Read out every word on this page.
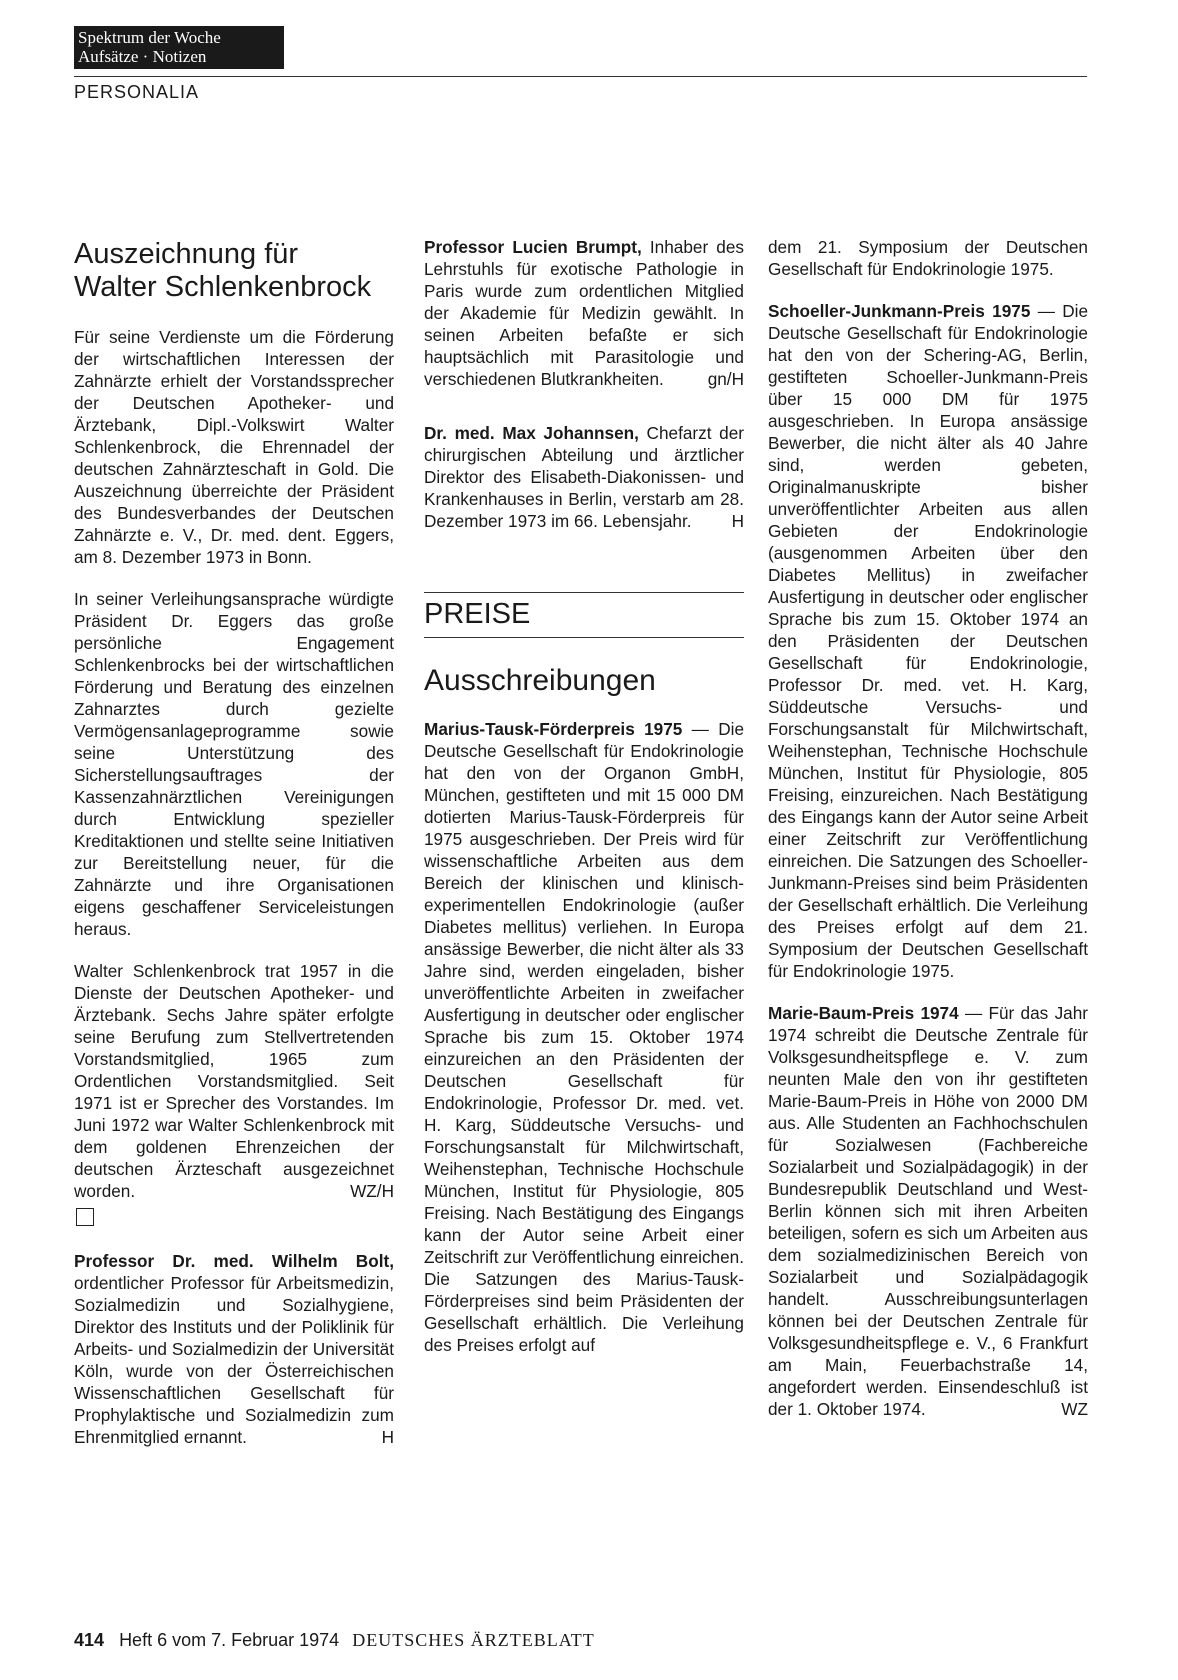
Spektrum der Woche
Aufsätze · Notizen
PERSONALIA
Auszeichnung für
Walter Schlenkenbrock

Für seine Verdienste um die Förderung der wirtschaftlichen Interessen der Zahnärzte erhielt der Vorstandssprecher der Deutschen Apotheker- und Ärztebank, Dipl.-Volkswirt Walter Schlenkenbrock, die Ehrennadel der deutschen Zahnärzteschaft in Gold. Die Auszeichnung überreichte der Präsident des Bundesverbandes der Deutschen Zahnärzte e. V., Dr. med. dent. Eggers, am 8. Dezember 1973 in Bonn.

In seiner Verleihungsansprache würdigte Präsident Dr. Eggers das große persönliche Engagement Schlenkenbrocks bei der wirtschaftlichen Förderung und Beratung des einzelnen Zahnarztes durch gezielte Vermögensanlageprogramme sowie seine Unterstützung des Sicherstellungsauftrages der Kassenzahnärztlichen Vereinigungen durch Entwicklung spezieller Kreditaktionen und stellte seine Initiativen zur Bereitstellung neuer, für die Zahnärzte und ihre Organisationen eigens geschaffener Serviceleistungen heraus.

Walter Schlenkenbrock trat 1957 in die Dienste der Deutschen Apotheker- und Ärztebank. Sechs Jahre später erfolgte seine Berufung zum Stellvertretenden Vorstandsmitglied, 1965 zum Ordentlichen Vorstandsmitglied. Seit 1971 ist er Sprecher des Vorstandes. Im Juni 1972 war Walter Schlenkenbrock mit dem goldenen Ehrenzeichen der deutschen Ärzteschaft ausgezeichnet worden.	WZ/H

Professor Dr. med. Wilhelm Bolt, ordentlicher Professor für Arbeitsmedizin, Sozialmedizin und Sozialhygiene, Direktor des Instituts und der Poliklinik für Arbeits- und Sozialmedizin der Universität Köln, wurde von der Österreichischen Wissenschaftlichen Gesellschaft für Prophylaktische und Sozialmedizin zum Ehrenmitglied ernannt.	H

Professor Lucien Brumpt, Inhaber des Lehrstuhls für exotische Pathologie in Paris wurde zum ordentlichen Mitglied der Akademie für Medizin gewählt. In seinen Arbeiten befaßte er sich hauptsächlich mit Parasitologie und verschiedenen Blutkrankheiten.	gn/H

Dr. med. Max Johannsen, Chefarzt der chirurgischen Abteilung und ärztlicher Direktor des Elisabeth-Diakonissen- und Krankenhauses in Berlin, verstarb am 28. Dezember 1973 im 66. Lebensjahr. H

PREISE
Ausschreibungen

Marius-Tausk-Förderpreis 1975 — Die Deutsche Gesellschaft für Endokrinologie hat den von der Organon GmbH, München, gestifteten und mit 15 000 DM dotierten Marius-Tausk-Förderpreis für 1975 ausgeschrieben. Der Preis wird für wissenschaftliche Arbeiten aus dem Bereich der klinischen und klinisch-experimentellen Endokrinologie (außer Diabetes mellitus) verliehen. In Europa ansässige Bewerber, die nicht älter als 33 Jahre sind, werden eingeladen, bisher unveröffentlichte Arbeiten in zweifacher Ausfertigung in deutscher oder englischer Sprache bis zum 15. Oktober 1974 einzureichen an den Präsidenten der Deutschen Gesellschaft für Endokrinologie, Professor Dr. med. vet. H. Karg, Süddeutsche Versuchs- und Forschungsanstalt für Milchwirtschaft, Weihenstephan, Technische Hochschule München, Institut für Physiologie, 805 Freising. Nach Bestätigung des Eingangs kann der Autor seine Arbeit einer Zeitschrift zur Veröffentlichung einreichen. Die Satzungen des Marius-Tausk-Förderpreises sind beim Präsidenten der Gesellschaft erhältlich. Die Verleihung des Preises erfolgt auf

dem 21. Symposium der Deutschen Gesellschaft für Endokrinologie 1975.

Schoeller-Junkmann-Preis 1975 — Die Deutsche Gesellschaft für Endokrinologie hat den von der Schering-AG, Berlin, gestifteten Schoeller-Junkmann-Preis über 15 000 DM für 1975 ausgeschrieben. In Europa ansässige Bewerber, die nicht älter als 40 Jahre sind, werden gebeten, Originalmanuskripte bisher unveröffentlichter Arbeiten aus allen Gebieten der Endokrinologie (ausgenommen Arbeiten über den Diabetes Mellitus) in zweifacher Ausfertigung in deutscher oder englischer Sprache bis zum 15. Oktober 1974 an den Präsidenten der Deutschen Gesellschaft für Endokrinologie, Professor Dr. med. vet. H. Karg, Süddeutsche Versuchs- und Forschungsanstalt für Milchwirtschaft, Weihenstephan, Technische Hochschule München, Institut für Physiologie, 805 Freising, einzureichen. Nach Bestätigung des Eingangs kann der Autor seine Arbeit einer Zeitschrift zur Veröffentlichung einreichen. Die Satzungen des Schoeller-Junkmann-Preises sind beim Präsidenten der Gesellschaft erhältlich. Die Verleihung des Preises erfolgt auf dem 21. Symposium der Deutschen Gesellschaft für Endokrinologie 1975.

Marie-Baum-Preis 1974 — Für das Jahr 1974 schreibt die Deutsche Zentrale für Volksgesundheitspflege e. V. zum neunten Male den von ihr gestifteten Marie-Baum-Preis in Höhe von 2000 DM aus. Alle Studenten an Fachhochschulen für Sozialwesen (Fachbereiche Sozialarbeit und Sozialpädagogik) in der Bundesrepublik Deutschland und West-Berlin können sich mit ihren Arbeiten beteiligen, sofern es sich um Arbeiten aus dem sozialmedizinischen Bereich von Sozialarbeit und Sozialpädagogik handelt. Ausschreibungsunterlagen können bei der Deutschen Zentrale für Volksgesundheitspflege e. V., 6 Frankfurt am Main, Feuerbachstraße 14, angefordert werden. Einsendeschluß ist der 1. Oktober 1974.	WZ

414 Heft 6 vom 7. Februar 1974 DEUTSCHES ÄRZTEBLATT
